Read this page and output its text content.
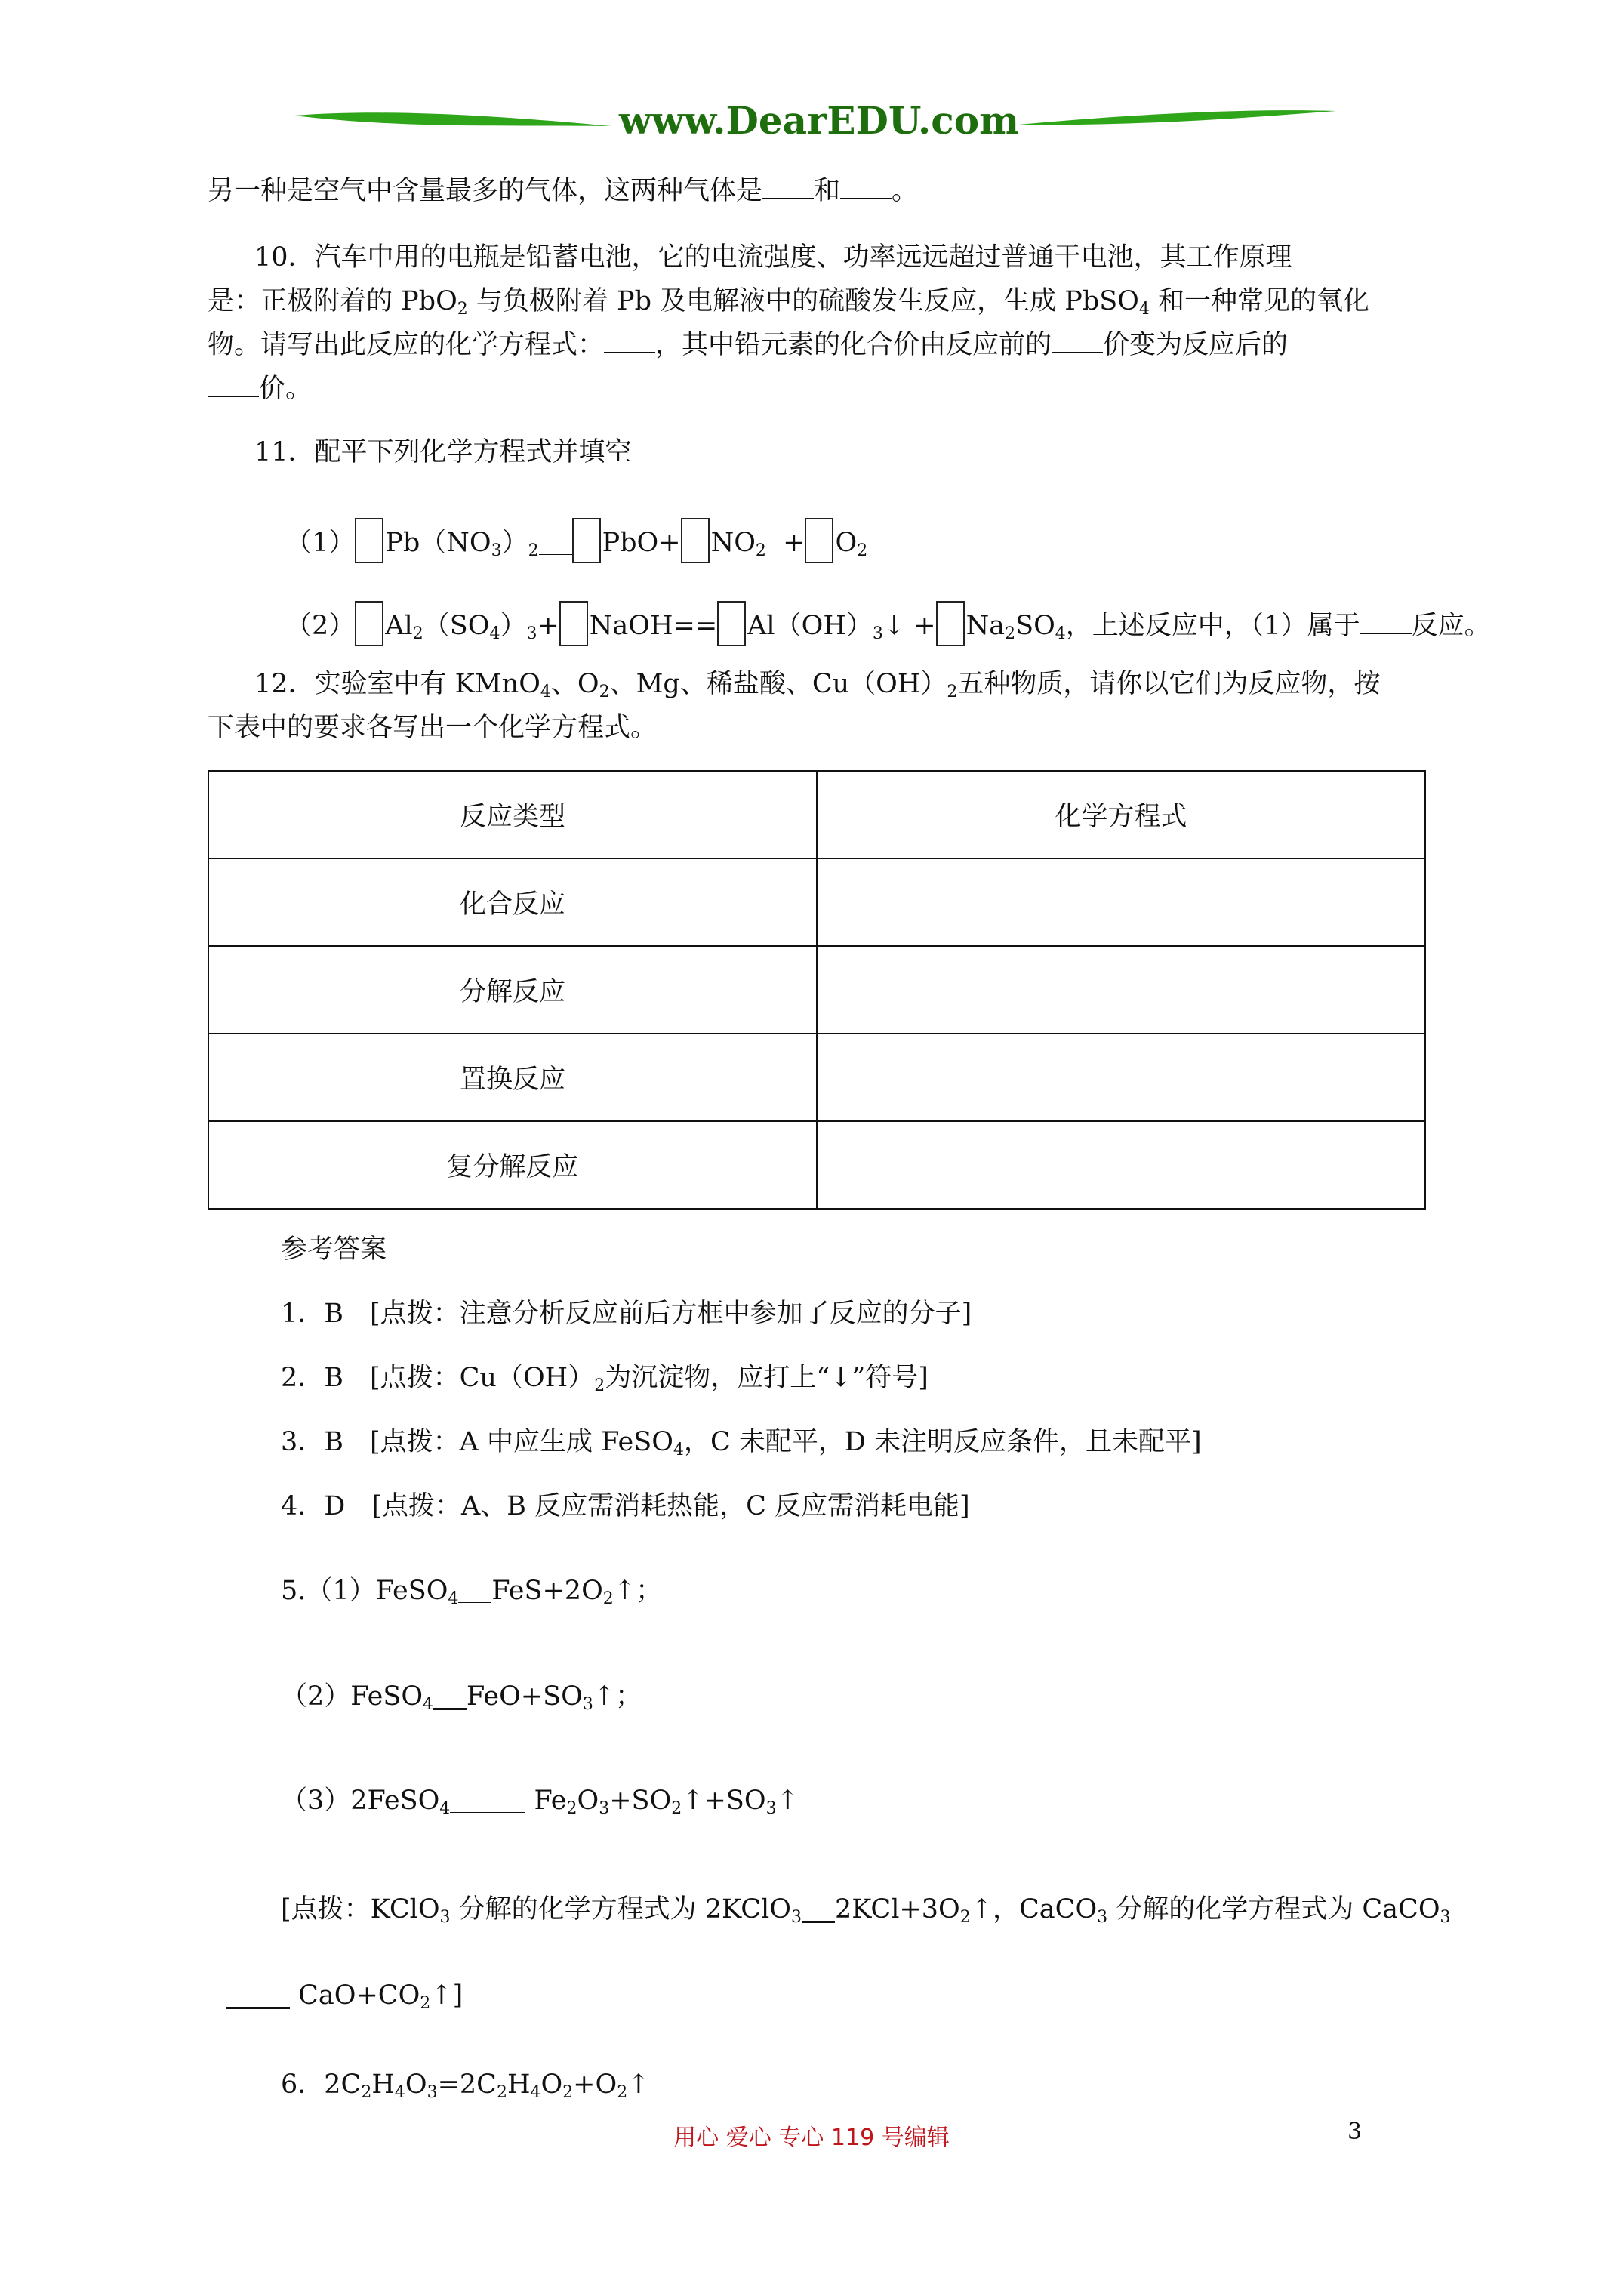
www.DearEDU.com
另一种是空气中含量最多的气体，这两种气体是 和 。
10．汽车中用的电瓶是铅蓄电池，它的电流强度、功率远远超过普通干电池，其工作原理
是：正极附着的 PbO$_2$ 与负极附着 Pb 及电解液中的硫酸发生反应，生成 PbSO$_4$ 和一种常见的氧化
物。请写出此反应的化学方程式： ，其中铅元素的化合价由反应前的 价变为反应后的
价。
11．配平下列化学方程式并填空
（1） $Pb(NO_3)_2$ $PbO+ NO_2 + O_2$
（2） $Al_2(SO_4)_3+$ NaOH== $Al(OH)_3↓ + Na_2SO_4$，上述反应中，（1）属于 反应。
12．实验室中有 KMnO$_4$、$O_2$、Mg、稀盐酸、$Cu(OH)_2$五种物质，请你以它们为反应物，按
下表中的要求各写出一个化学方程式。
反应类型	化学方程式
化合反应	
分解反应	
置换反应	
复分解反应	
参考答案
1．B　[点拨：注意分析反应前后方框中参加了反应的分子]
2．B　[点拨：$Cu(OH)_2$为沉淀物，应打上“↓”符号]
3．B　[点拨：A 中应生成 FeSO$_4$，C 未配平，D 未注明反应条件，且未配平]
4．D　[点拨：A、B 反应需消耗热能，C 反应需消耗电能]
5.（1）FeSO$_4$ $FeS+2O_2↑$；
（2）FeSO$_4$ $FeO+SO_3↑$；
（3）2FeSO$_4$	$Fe_2O_3+SO_2↑+SO_3↑$
[点拨：KClO$_3$ 分解的化学方程式为 2KClO$_3$ $2KCl+3O_2↑$，CaCO$_3$ 分解的化学方程式为 CaCO$_3$
$CaO+CO_2↑$]
6．$2C_2H_4O_3=2C_2H_4O_2+O_2↑$
用心 爱心 专心 119 号编辑	3
